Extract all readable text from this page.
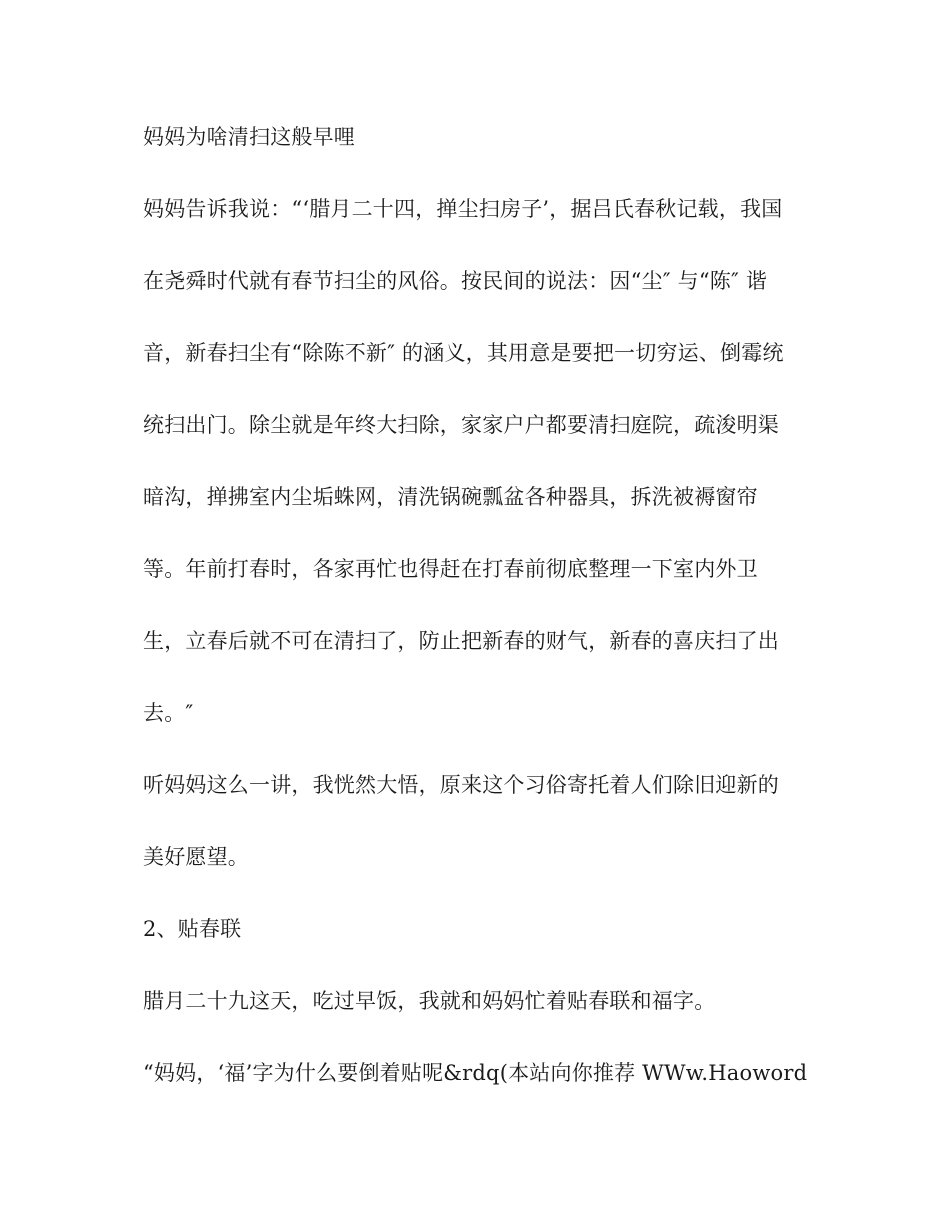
妈妈为啥清扫这般早哩

妈妈告诉我说：“‘腊月二十四，掸尘扫房子’，据吕氏春秋记载，我国

在尧舜时代就有春节扫尘的风俗。按民间的说法：因“尘″ 与“陈″ 谐

音，新春扫尘有“除陈不新″ 的涵义，其用意是要把一切穷运、倒霉统

统扫出门。除尘就是年终大扫除，家家户户都要清扫庭院，疏浚明渠

暗沟，掸拂室内尘垢蛛网，清洗锅碗瓢盆各种器具，拆洗被褥窗帘

等。年前打春时，各家再忙也得赶在打春前彻底整理一下室内外卫

生，立春后就不可在清扫了，防止把新春的财气，新春的喜庆扫了出

去。″

听妈妈这么一讲，我恍然大悟，原来这个习俗寄托着人们除旧迎新的

美好愿望。

2、贴春联

腊月二十九这天，吃过早饭，我就和妈妈忙着贴春联和福字。

“妈妈，‘福’字为什么要倒着贴呢&rdq(本站向你推荐 WWw.Haoword
